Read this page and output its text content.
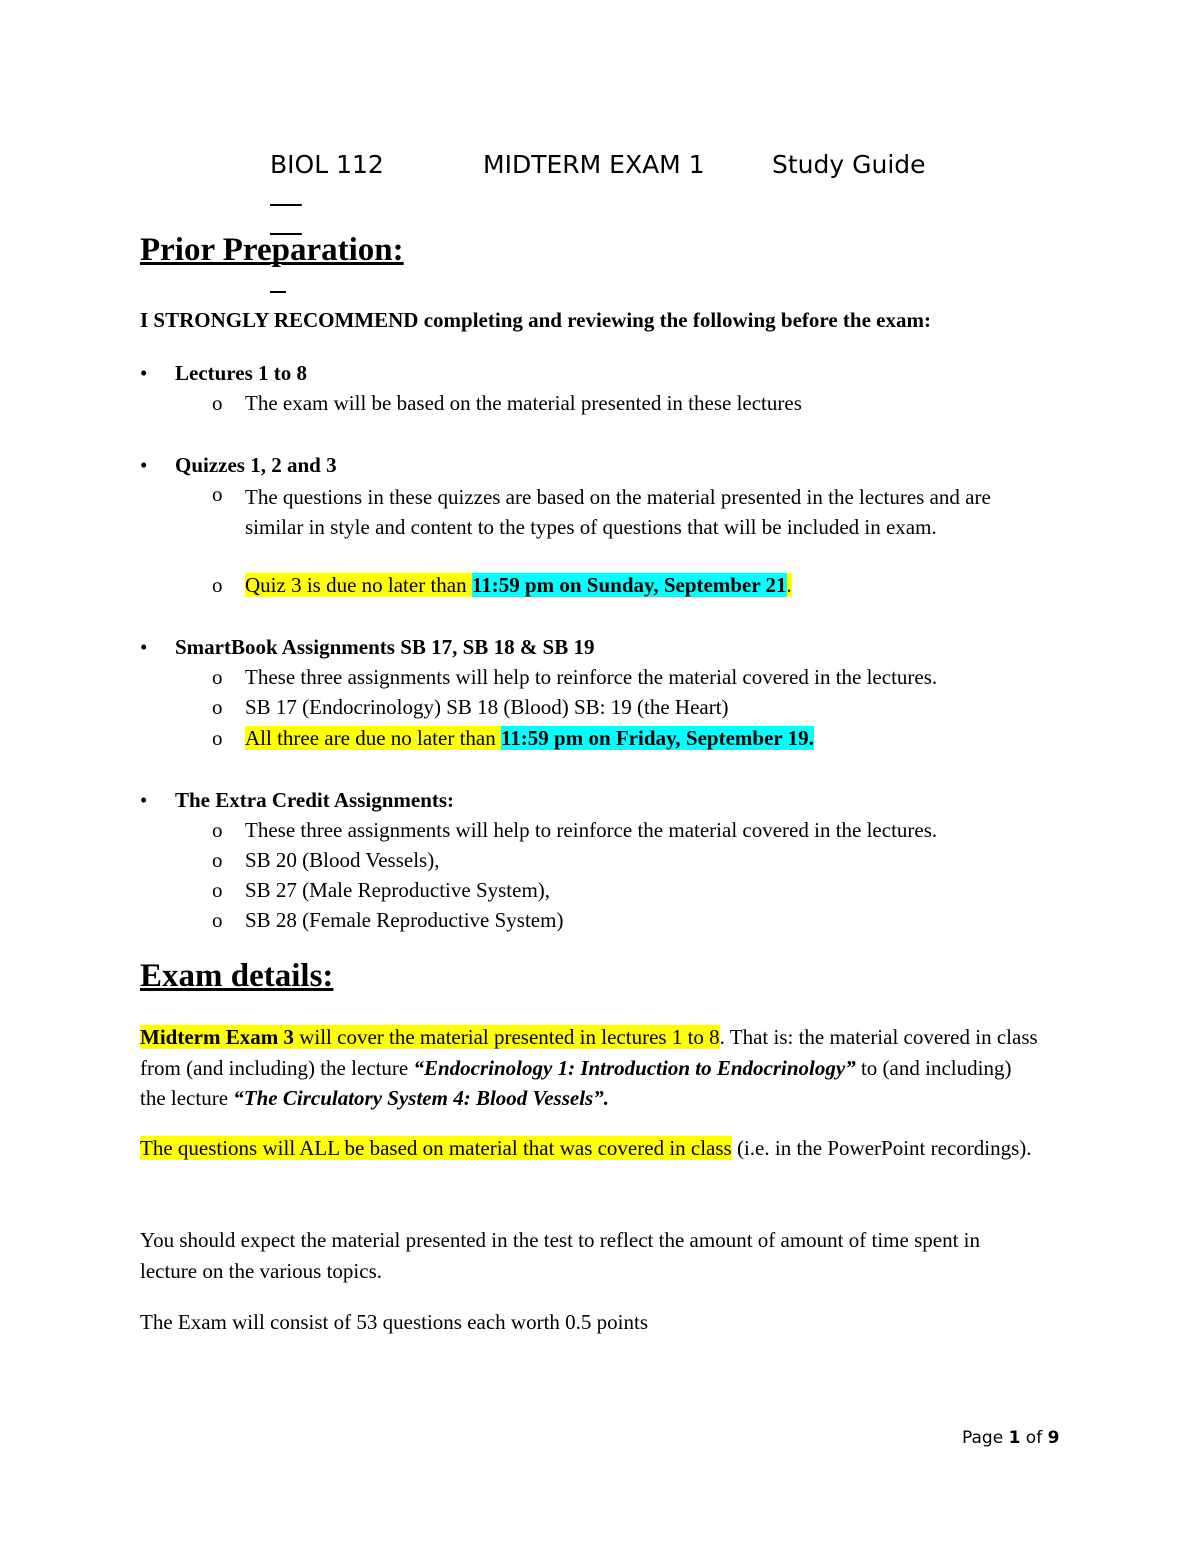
BIOL 112

	MIDTERM EXAM 1

	Study Guide

Prior Preparation:
I STRONGLY RECOMMEND completing and reviewing the following before the exam:
•	Lectures 1 to 8
o The exam will be based on the material presented in these lectures
•	Quizzes 1, 2 and 3
o The questions in these quizzes are based on the material presented in the lectures and are similar in style and content to the types of questions that will be included in exam.
o Quiz 3 is due no later than 11:59 pm on Sunday, September 21.
•	SmartBook Assignments SB 17, SB 18 & SB 19
o These three assignments will help to reinforce the material covered in the lectures.
o SB 17 (Endocrinology) SB 18 (Blood) SB: 19 (the Heart)
o All three are due no later than 11:59 pm on Friday, September 19.
•	The Extra Credit Assignments:
o These three assignments will help to reinforce the material covered in the lectures.
o SB 20 (Blood Vessels),
o SB 27 (Male Reproductive System),
o SB 28 (Female Reproductive System)
Exam details:
Midterm Exam 3 will cover the material presented in lectures 1 to 8. That is: the material covered in class from (and including) the lecture “Endocrinology 1: Introduction to Endocrinology” to (and including) the lecture “The Circulatory System 4: Blood Vessels”.
The questions will ALL be based on material that was covered in class (i.e. in the PowerPoint recordings).
You should expect the material presented in the test to reflect the amount of amount of time spent in lecture on the various topics.
The Exam will consist of 53 questions each worth 0.5 points
Page 1 of 9
